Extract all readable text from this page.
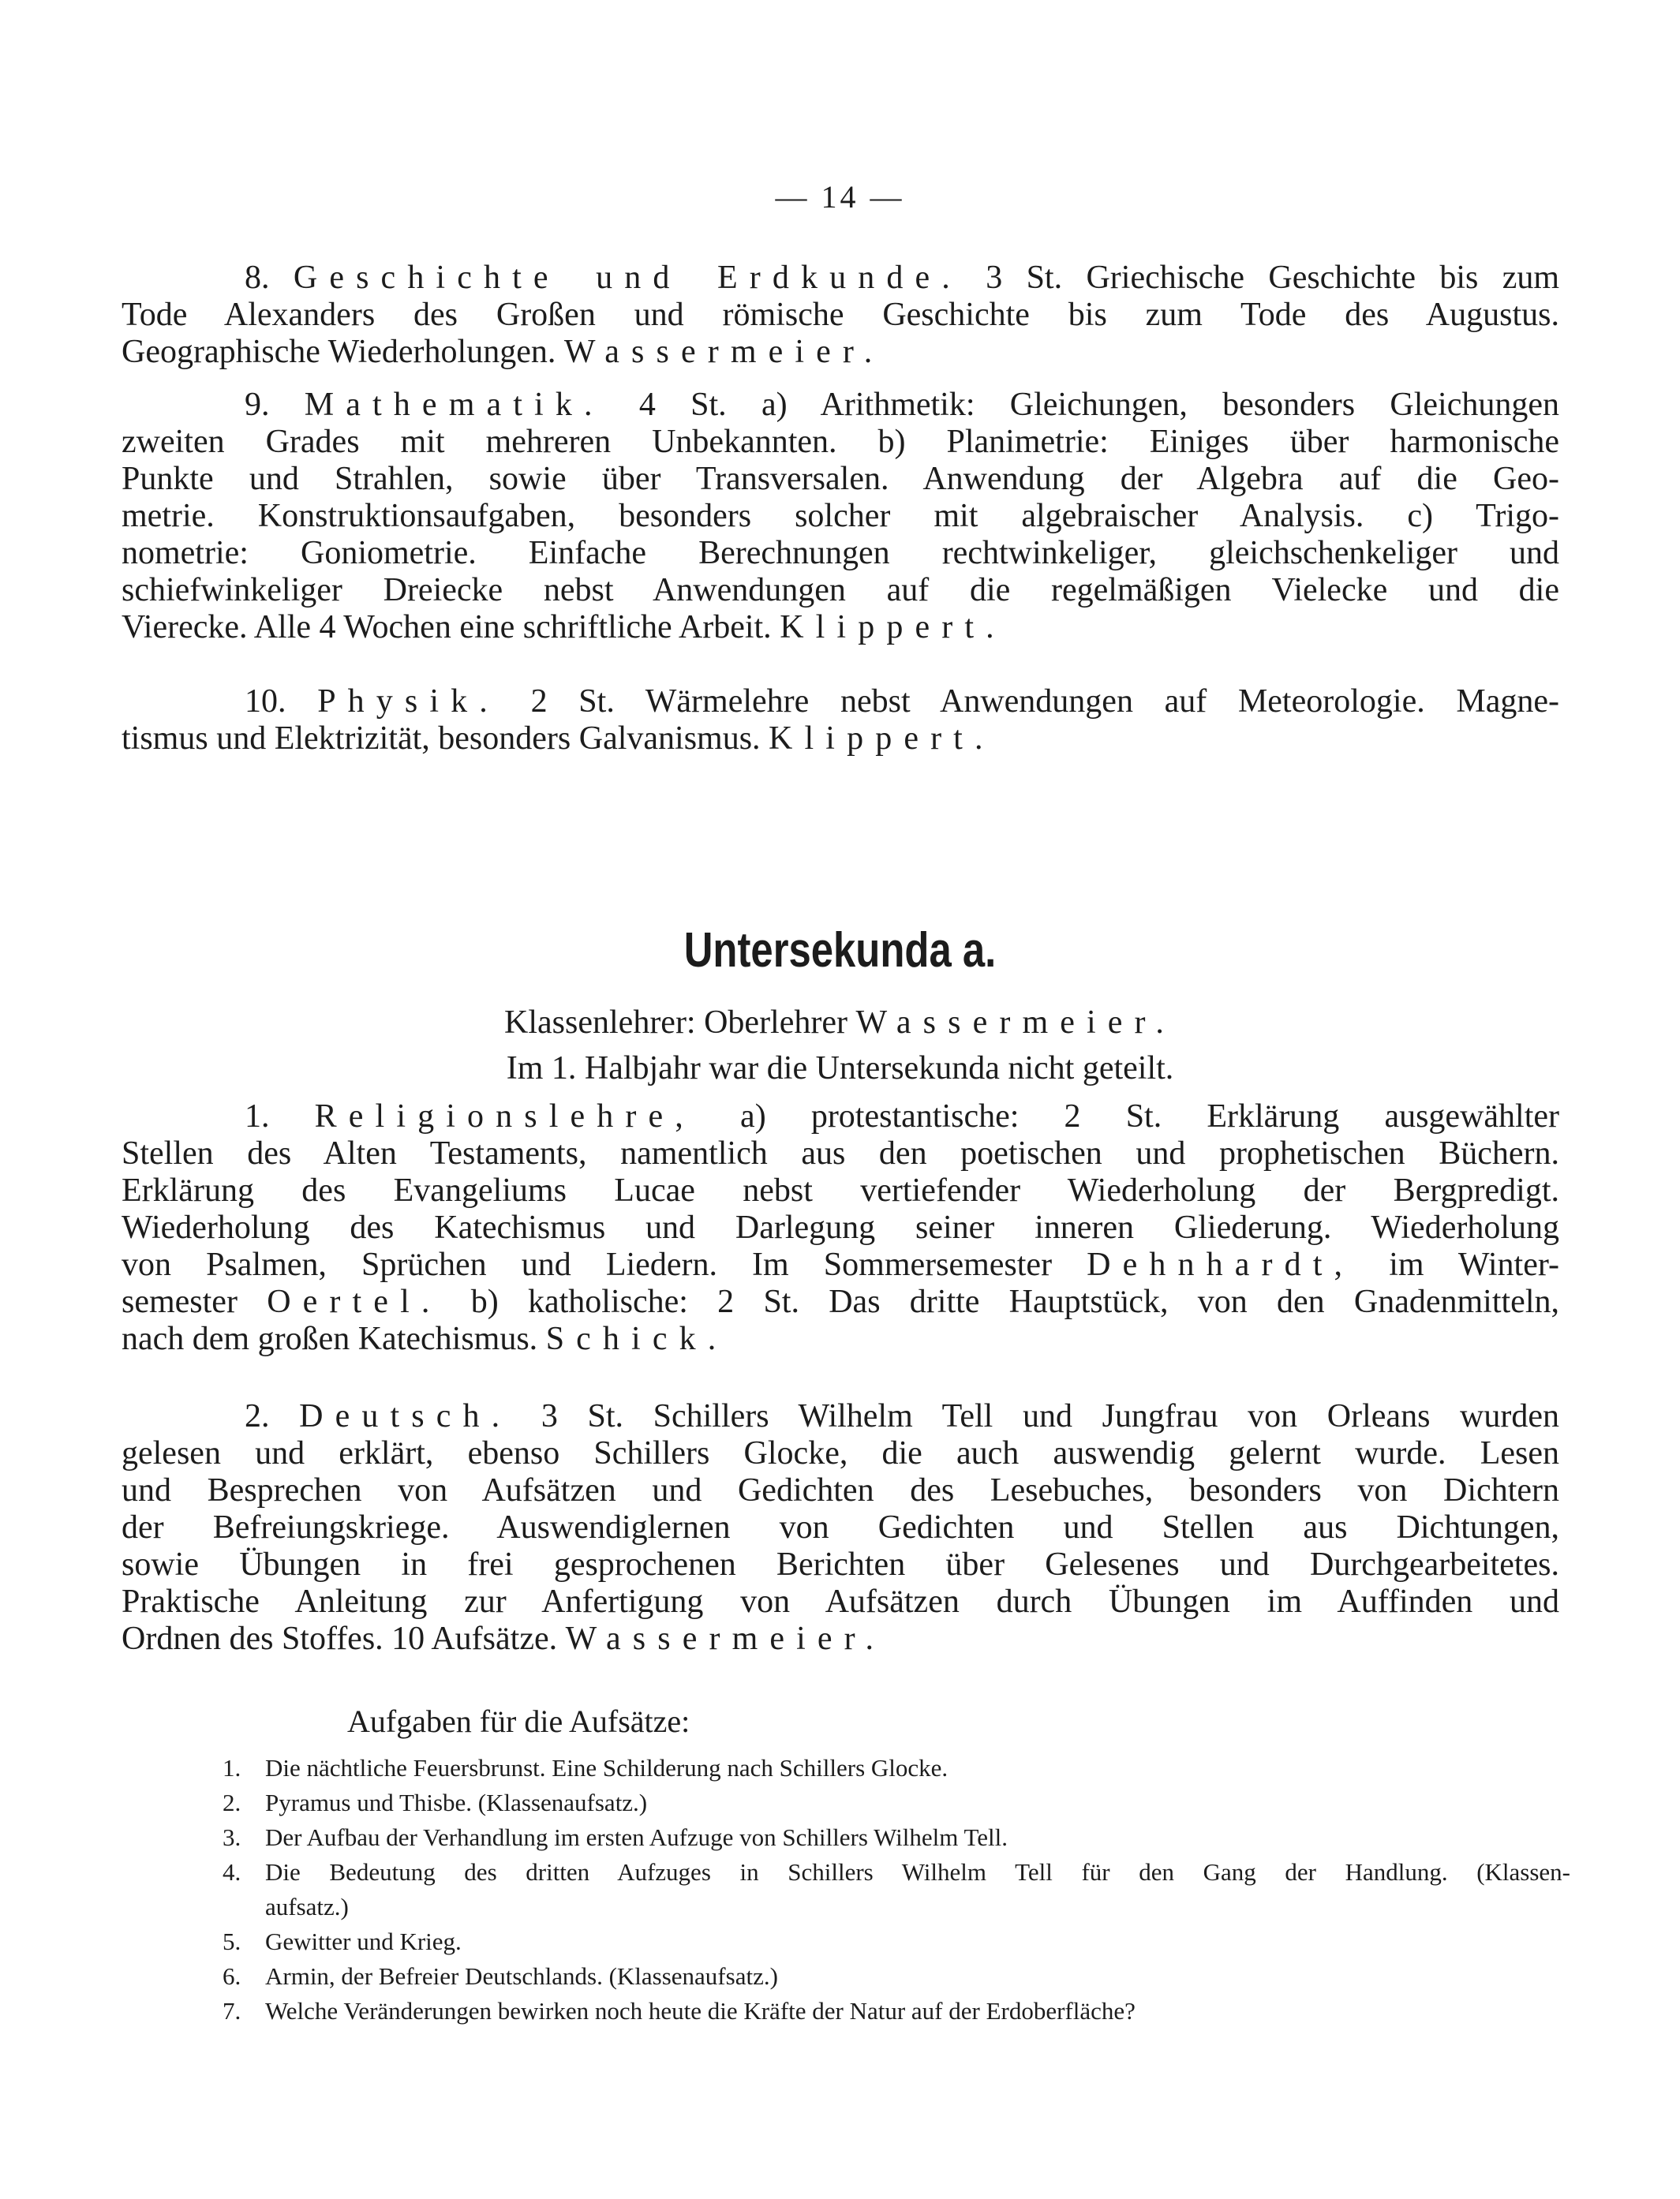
— 14 —
8. Geschichte und Erdkunde. 3 St. Griechische Geschichte bis zum
Tode Alexanders des Großen und römische Geschichte bis zum Tode des Augustus.
Geographische Wiederholungen. Wassermeier.
9. Mathematik. 4 St. a) Arithmetik: Gleichungen, besonders Gleichungen
zweiten Grades mit mehreren Unbekannten. b) Planimetrie: Einiges über harmonische
Punkte und Strahlen, sowie über Transversalen. Anwendung der Algebra auf die Geo-
metrie. Konstruktionsaufgaben, besonders solcher mit algebraischer Analysis. c) Trigo-
nometrie: Goniometrie. Einfache Berechnungen rechtwinkeliger, gleichschenkeliger und
schiefwinkeliger Dreiecke nebst Anwendungen auf die regelmäßigen Vielecke und die
Vierecke. Alle 4 Wochen eine schriftliche Arbeit. Klippert.
10. Physik. 2 St. Wärmelehre nebst Anwendungen auf Meteorologie. Magne-
tismus und Elektrizität, besonders Galvanismus. Klippert.
Untersekunda a.
Klassenlehrer: Oberlehrer Wassermeier.
Im 1. Halbjahr war die Untersekunda nicht geteilt.
1. Religionslehre, a) protestantische: 2 St. Erklärung ausgewählter
Stellen des Alten Testaments, namentlich aus den poetischen und prophetischen Büchern.
Erklärung des Evangeliums Lucae nebst vertiefender Wiederholung der Bergpredigt.
Wiederholung des Katechismus und Darlegung seiner inneren Gliederung. Wiederholung
von Psalmen, Sprüchen und Liedern. Im Sommersemester Dehnhardt, im Winter-
semester Oertel. b) katholische: 2 St. Das dritte Hauptstück, von den Gnadenmitteln,
nach dem großen Katechismus. Schick.
2. Deutsch. 3 St. Schillers Wilhelm Tell und Jungfrau von Orleans wurden
gelesen und erklärt, ebenso Schillers Glocke, die auch auswendig gelernt wurde. Lesen
und Besprechen von Aufsätzen und Gedichten des Lesebuches, besonders von Dichtern
der Befreiungskriege. Auswendiglernen von Gedichten und Stellen aus Dichtungen,
sowie Übungen in frei gesprochenen Berichten über Gelesenes und Durchgearbeitetes.
Praktische Anleitung zur Anfertigung von Aufsätzen durch Übungen im Auffinden und
Ordnen des Stoffes. 10 Aufsätze. Wassermeier.
Aufgaben für die Aufsätze:
1. Die nächtliche Feuersbrunst. Eine Schilderung nach Schillers Glocke.
2. Pyramus und Thisbe. (Klassenaufsatz.)
3. Der Aufbau der Verhandlung im ersten Aufzuge von Schillers Wilhelm Tell.
4. Die Bedeutung des dritten Aufzuges in Schillers Wilhelm Tell für den Gang der Handlung. (Klassen-
aufsatz.)
5. Gewitter und Krieg.
6. Armin, der Befreier Deutschlands. (Klassenaufsatz.)
7. Welche Veränderungen bewirken noch heute die Kräfte der Natur auf der Erdoberfläche?
